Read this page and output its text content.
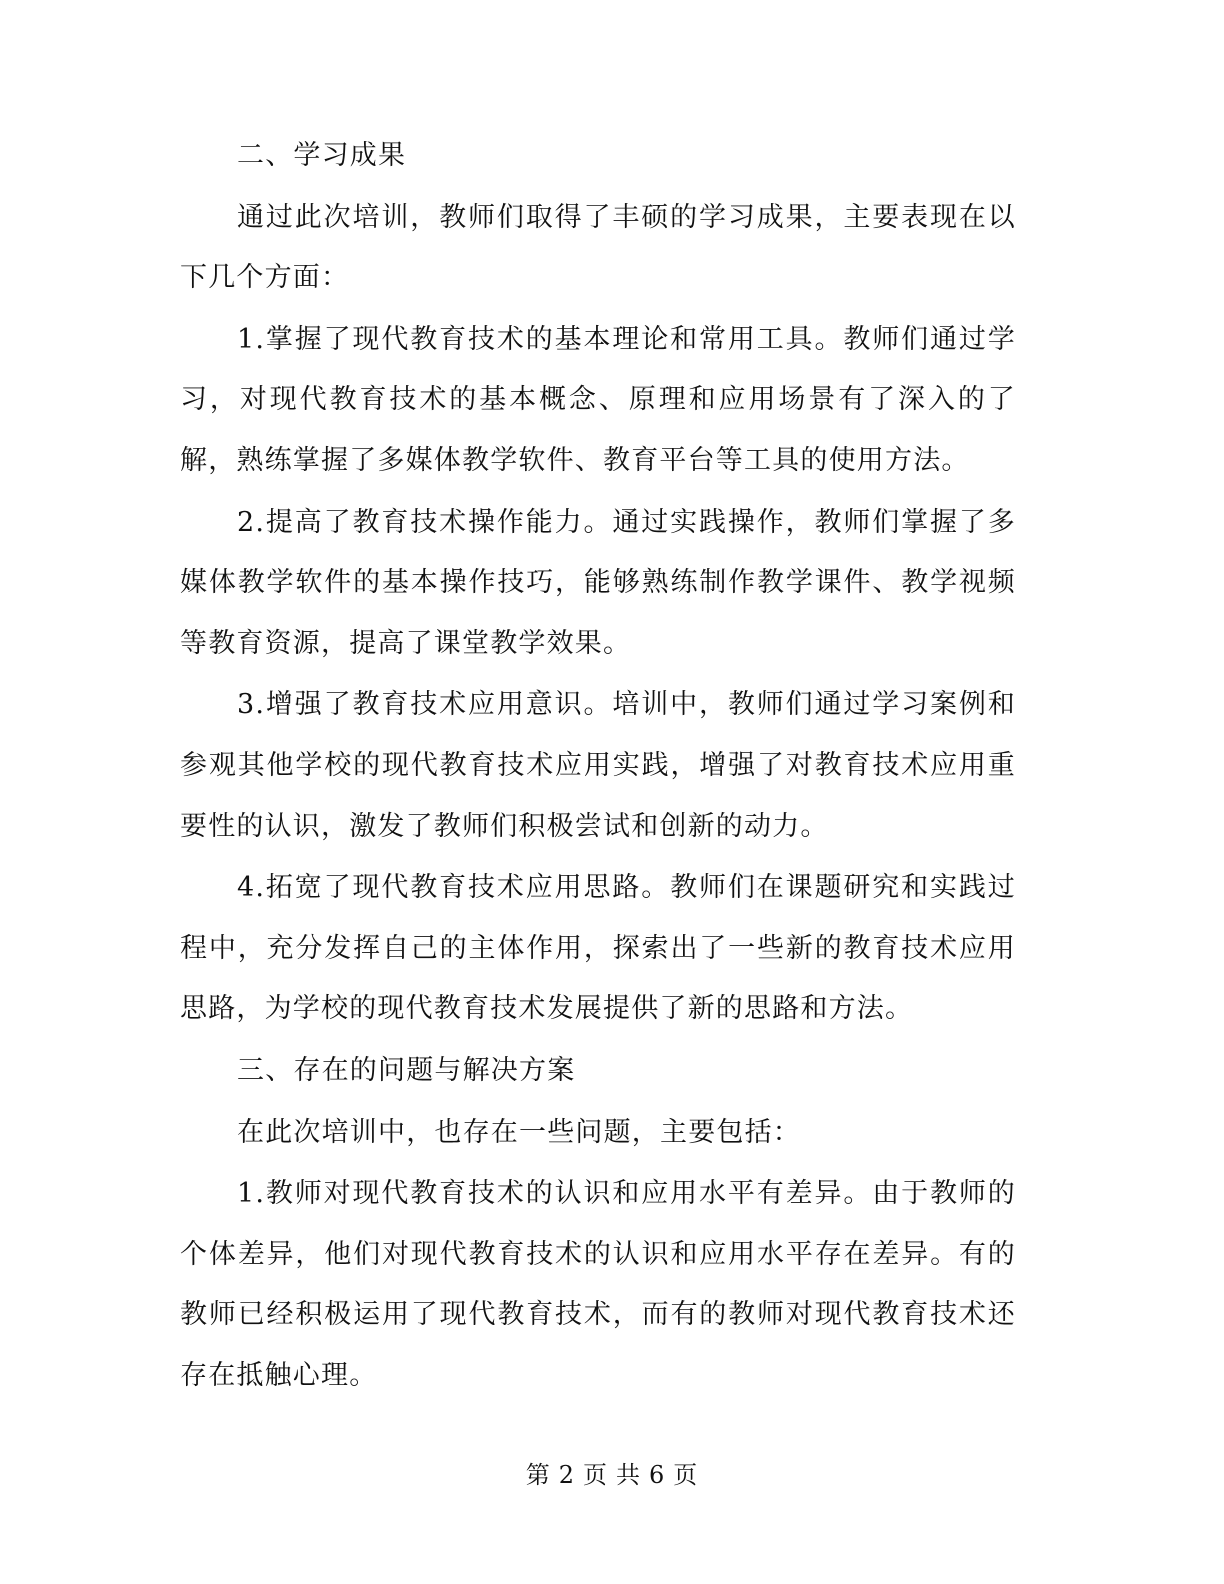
二、学习成果

通过此次培训，教师们取得了丰硕的学习成果，主要表现在以下几个方面：

1.掌握了现代教育技术的基本理论和常用工具。教师们通过学习，对现代教育技术的基本概念、原理和应用场景有了深入的了解，熟练掌握了多媒体教学软件、教育平台等工具的使用方法。

2.提高了教育技术操作能力。通过实践操作，教师们掌握了多媒体教学软件的基本操作技巧，能够熟练制作教学课件、教学视频等教育资源，提高了课堂教学效果。

3.增强了教育技术应用意识。培训中，教师们通过学习案例和参观其他学校的现代教育技术应用实践，增强了对教育技术应用重要性的认识，激发了教师们积极尝试和创新的动力。

4.拓宽了现代教育技术应用思路。教师们在课题研究和实践过程中，充分发挥自己的主体作用，探索出了一些新的教育技术应用思路，为学校的现代教育技术发展提供了新的思路和方法。

三、存在的问题与解决方案

在此次培训中，也存在一些问题，主要包括：

1.教师对现代教育技术的认识和应用水平有差异。由于教师的个体差异，他们对现代教育技术的认识和应用水平存在差异。有的教师已经积极运用了现代教育技术，而有的教师对现代教育技术还存在抵触心理。

第 2 页 共 6 页
